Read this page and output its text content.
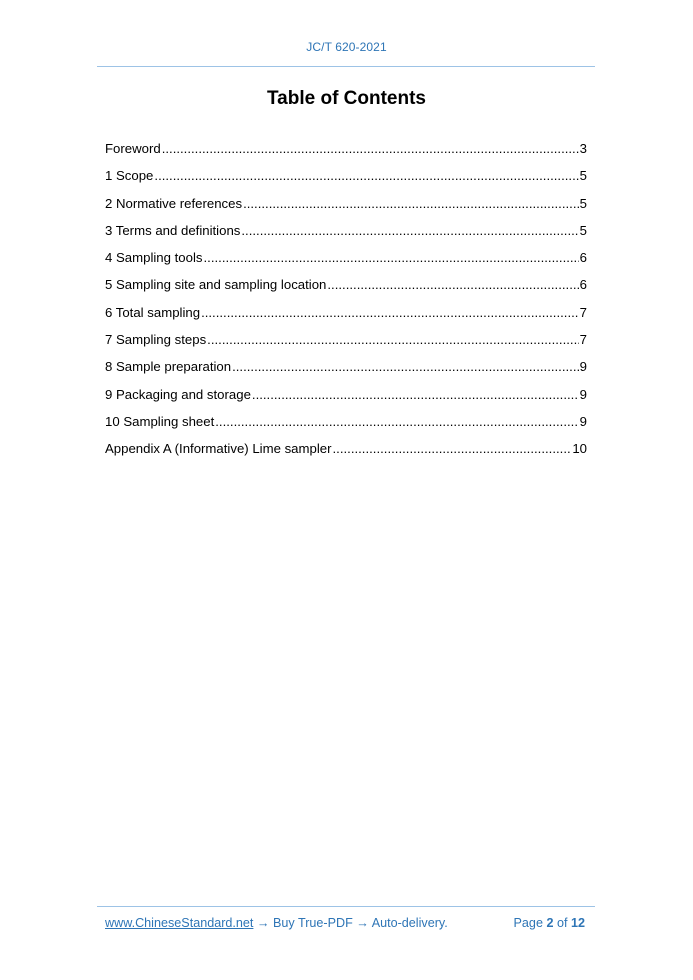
JC/T 620-2021
Table of Contents
Foreword .....	3
1 Scope .....	5
2 Normative references .....	5
3 Terms and definitions .....	5
4 Sampling tools .....	6
5 Sampling site and sampling location .....	6
6 Total sampling .....	7
7 Sampling steps .....	7
8 Sample preparation .....	9
9 Packaging and storage .....	9
10 Sampling sheet .....	9
Appendix A (Informative) Lime sampler .....	10
www.ChineseStandard.net → Buy True-PDF → Auto-delivery.	Page 2 of 12
